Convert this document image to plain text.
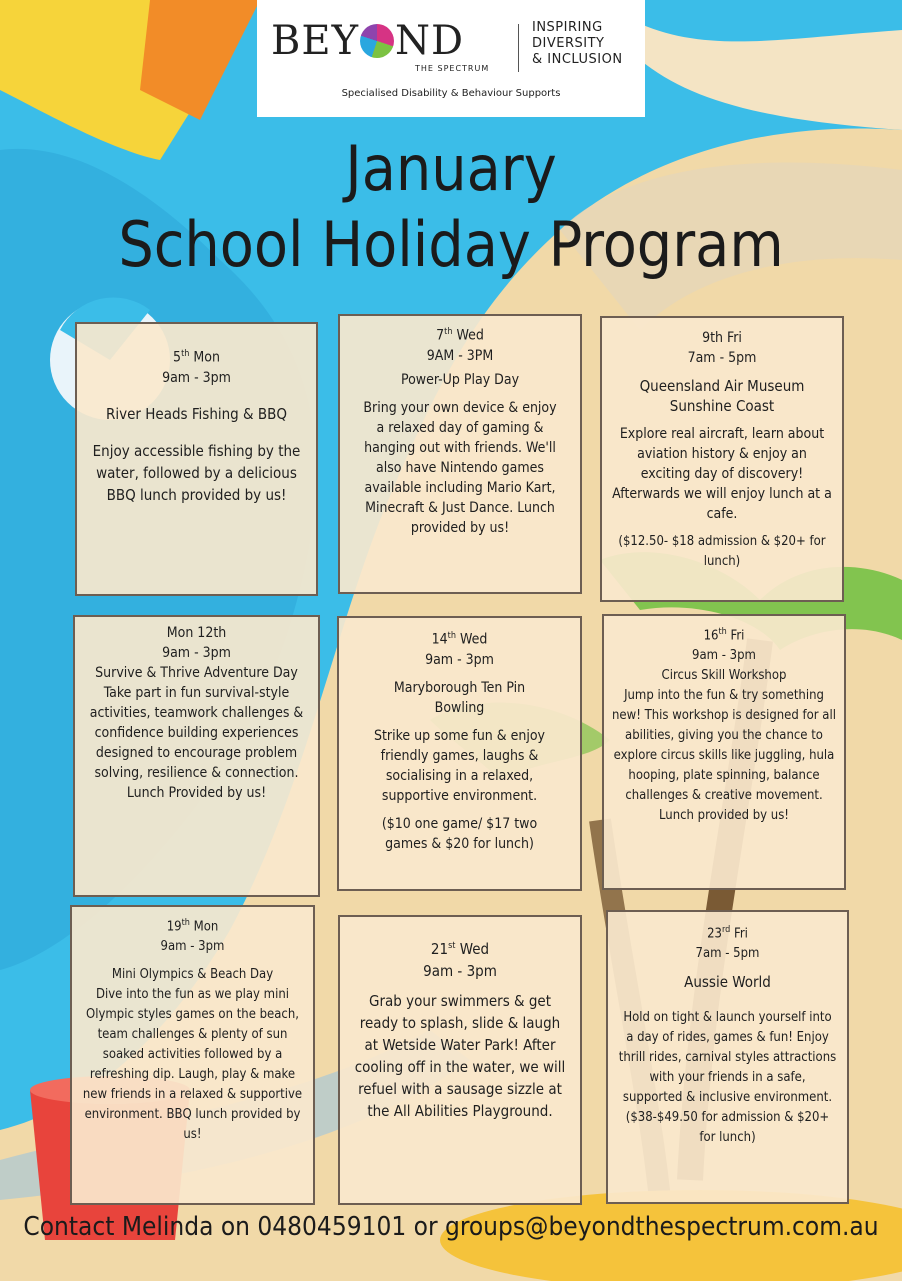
BEY ND
THE SPECTRUM
INSPIRING
DIVERSITY
& INCLUSION
Specialised Disability & Behaviour Supports
January
School Holiday Program
5th Mon
9am - 3pm
River Heads Fishing & BBQ
Enjoy accessible fishing by the water, followed by a delicious BBQ lunch provided by us!
7th Wed
9AM - 3PM
Power-Up Play Day
Bring your own device & enjoy a relaxed day of gaming & hanging out with friends. We'll also have Nintendo games available including Mario Kart, Minecraft & Just Dance. Lunch provided by us!
9th Fri
7am - 5pm
Queensland Air Museum Sunshine Coast
Explore real aircraft, learn about aviation history & enjoy an exciting day of discovery! Afterwards we will enjoy lunch at a cafe.
($12.50- $18 admission & $20+ for lunch)
Mon 12th
9am - 3pm
Survive & Thrive Adventure Day
Take part in fun survival-style activities, teamwork challenges & confidence building experiences designed to encourage problem solving, resilience & connection. Lunch Provided by us!
14th Wed
9am - 3pm
Maryborough Ten Pin Bowling
Strike up some fun & enjoy friendly games, laughs & socialising in a relaxed, supportive environment.
($10 one game/ $17 two games & $20 for lunch)
16th Fri
9am - 3pm
Circus Skill Workshop
Jump into the fun & try something new! This workshop is designed for all abilities, giving you the chance to explore circus skills like juggling, hula hooping, plate spinning, balance challenges & creative movement. Lunch provided by us!
19th Mon
9am - 3pm
Mini Olympics & Beach Day
Dive into the fun as we play mini Olympic styles games on the beach, team challenges & plenty of sun soaked activities followed by a refreshing dip. Laugh, play & make new friends in a relaxed & supportive environment. BBQ lunch provided by us!
21st Wed
9am - 3pm
Grab your swimmers & get ready to splash, slide & laugh at Wetside Water Park! After cooling off in the water, we will refuel with a sausage sizzle at the All Abilities Playground.
23rd Fri
7am - 5pm
Aussie World
Hold on tight & launch yourself into a day of rides, games & fun! Enjoy thrill rides, carnival styles attractions with your friends in a safe, supported & inclusive environment.
($38-$49.50 for admission & $20+ for lunch)
Contact Melinda on 0480459101 or groups@beyondthespectrum.com.au
